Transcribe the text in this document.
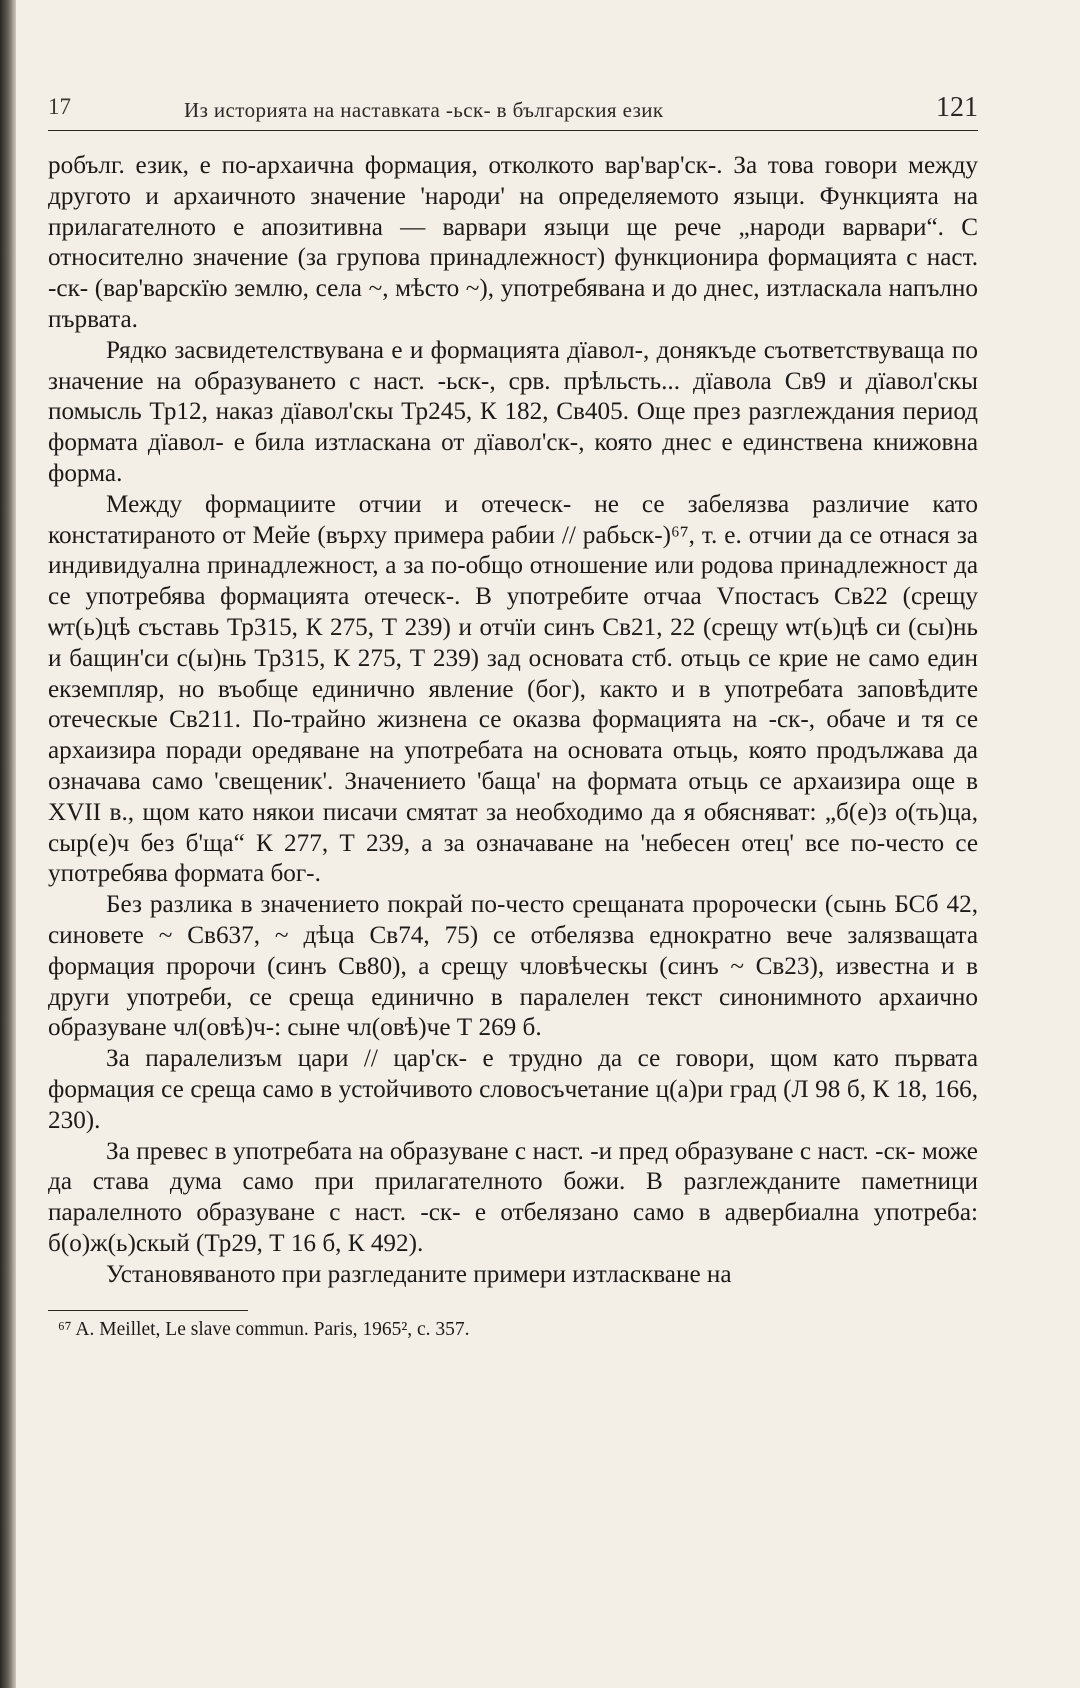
17	Из историята на наставката -ьск- в българския език	121

робълг. език, е по-архаична формация, отколкото вар'вар'ск-. За това говори между другото и архаичното значение 'народи' на определяемото языци. Функцията на прилагателното е апозитивна — варвари языци ще рече „народи варвари“. С относително значение (за групова принадлежност) функционира формацията с наст. -ск- (вар'варскїю землю, села ~, мѣсто ~), употребявана и до днес, изтласкала напълно първата.

Рядко засвидетелствувана е и формацията дїавол-, донякъде съответствуваща по значение на образуването с наст. -ьск-, срв. прѣльсть... дїавола Св9 и дїавол'скы помысль Тр12, наказ дїавол'скы Тр245, К 182, Св405. Още през разглеждания период формата дїавол- е била изтласкана от дїавол'ск-, която днес е единствена книжовна форма.

Между формациите отчии и отеческ- не се забелязва различие като констатираното от Мейе (върху примера рабии // рабьск-)⁶⁷, т. е. отчии да се отнася за индивидуална принадлежност, а за по-общо отношение или родова принадлежност да се употребява формацията отеческ-. В употребите отчаа Vпостасъ Св22 (срещу ѡт(ь)цѣ съставь Тр315, К 275, Т 239) и отчїи синъ Св21, 22 (срещу ѡт(ь)цѣ си (сы)нь и бащин'си с(ы)нь Тр315, К 275, Т 239) зад основата стб. отьць се крие не само един екземпляр, но въобще единично явление (бог), както и в употребата заповѣдите отеческые Св211. По-трайно жизнена се оказва формацията на -ск-, обаче и тя се архаизира поради оредяване на употребата на основата отьць, която продължава да означава само 'свещеник'. Значението 'баща' на формата отьць се архаизира още в XVII в., щом като някои писачи смятат за необходимо да я обясняват: „б(е)з о(ть)ца, сыр(е)ч без б'ща“ К 277, Т 239, а за означаване на 'небесен отец' все по-често се употребява формата бог-.

Без разлика в значението покрай по-често срещаната пророчески (сынь БСб 42, синовете ~ Св637, ~ дѣца Св74, 75) се отбелязва еднократно вече залязващата формация пророчи (синъ Св80), а срещу чловѣческы (синъ ~ Св23), известна и в други употреби, се среща единично в паралелен текст синонимното архаично образуване чл(овѣ)ч-: сыне чл(овѣ)че Т 269 б.

За паралелизъм цари // цар'ск- е трудно да се говори, щом като първата формация се среща само в устойчивото словосъчетание ц(а)ри град (Л 98 б, К 18, 166, 230).

За превес в употребата на образуване с наст. -и пред образуване с наст. -ск- може да става дума само при прилагателното божи. В разглежданите паметници паралелното образуване с наст. -ск- е отбелязано само в адвербиална употреба: б(о)ж(ь)скый (Тр29, Т 16 б, К 492).

Установяваното при разгледаните примери изтласкване на

⁶⁷ A. Meillet, Le slave commun. Paris, 1965², c. 357.
